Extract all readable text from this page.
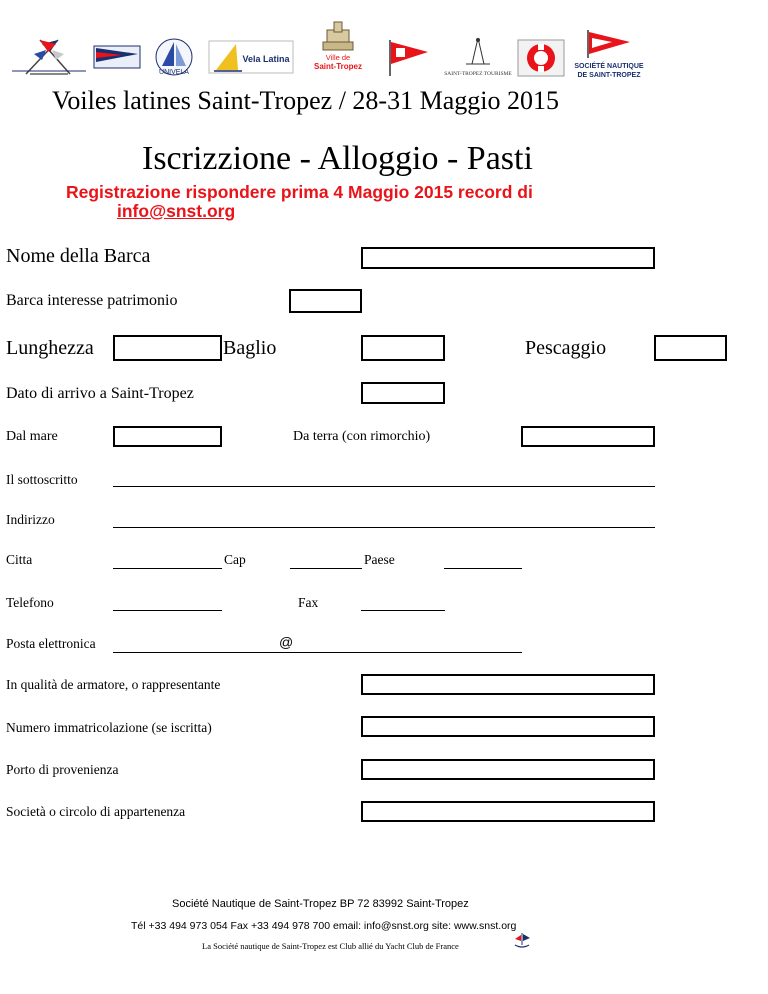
UNIVELA
Vela Latina	Ville de
Saint-Tropez
SAINT-TROPEZ TOURISME
SOCIÉTÉ NAUTIQUE
DE SAINT-TROPEZ
Voiles latines Saint-Tropez / 28-31 Maggio 2015
Iscrizzione - Alloggio - Pasti
Registrazione rispondere prima 4 Maggio 2015 record di
info@snst.org
Nome della Barca
Barca interesse patrimonio
Lunghezza	Baglio	Pescaggio
Dato di arrivo a Saint-Tropez
Dal mare	Da terra (con rimorchio)
Il sottoscritto
Indirizzo
Citta	Cap	Paese
Telefono	Fax
Posta elettronica	@
In qualità de armatore, o rappresentante
Numero immatricolazione (se iscritta)
Porto di provenienza
Società o circolo di appartenenza
Société Nautique de Saint-Tropez BP 72 83992 Saint-Tropez
Tél +33 494 973 054 Fax +33 494 978 700 email: info@snst.org site: www.snst.org
La Société nautique de Saint-Tropez est Club allié du Yacht Club de France
